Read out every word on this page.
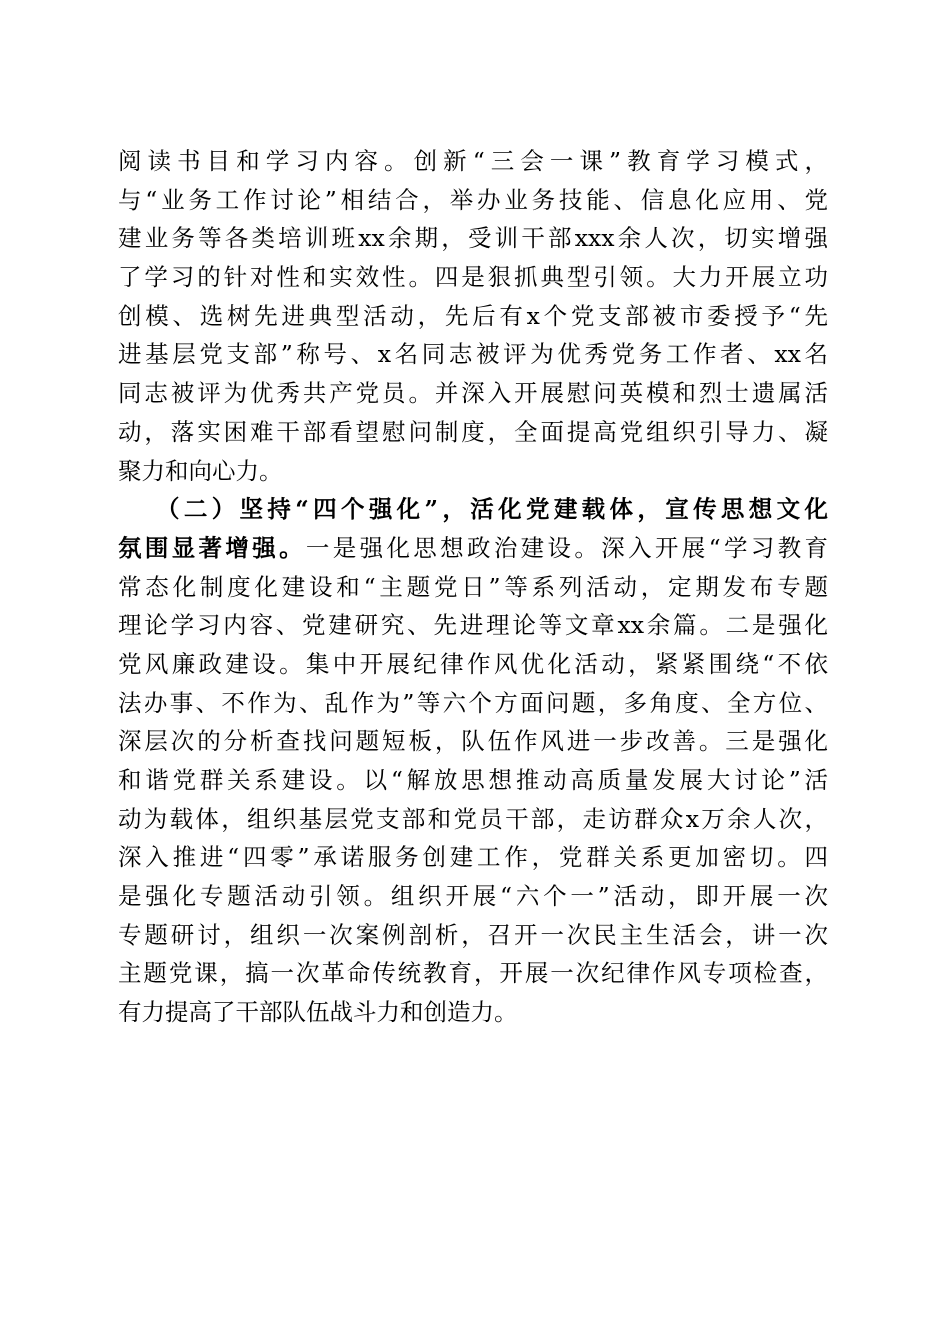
阅读书目和学习内容。创新“三会一课”教育学习模式，
与“业务工作讨论”相结合，举办业务技能、信息化应用、党
建业务等各类培训班xx余期，受训干部xxx余人次，切实增强
了学习的针对性和实效性。四是狠抓典型引领。大力开展立功
创模、选树先进典型活动，先后有x个党支部被市委授予“先
进基层党支部”称号、x名同志被评为优秀党务工作者、xx名
同志被评为优秀共产党员。并深入开展慰问英模和烈士遗属活
动，落实困难干部看望慰问制度，全面提高党组织引导力、凝
聚力和向心力。
（二）坚持“四个强化”，活化党建载体，宣传思想文化
氛围显著增强。一是强化思想政治建设。深入开展“学习教育
常态化制度化建设和“主题党日”等系列活动，定期发布专题
理论学习内容、党建研究、先进理论等文章xx余篇。二是强化
党风廉政建设。集中开展纪律作风优化活动，紧紧围绕“不依
法办事、不作为、乱作为”等六个方面问题，多角度、全方位、
深层次的分析查找问题短板，队伍作风进一步改善。三是强化
和谐党群关系建设。以“解放思想推动高质量发展大讨论”活
动为载体，组织基层党支部和党员干部，走访群众x万余人次，
深入推进“四零”承诺服务创建工作，党群关系更加密切。四
是强化专题活动引领。组织开展“六个一”活动，即开展一次
专题研讨，组织一次案例剖析，召开一次民主生活会，讲一次
主题党课，搞一次革命传统教育，开展一次纪律作风专项检查，
有力提高了干部队伍战斗力和创造力。
